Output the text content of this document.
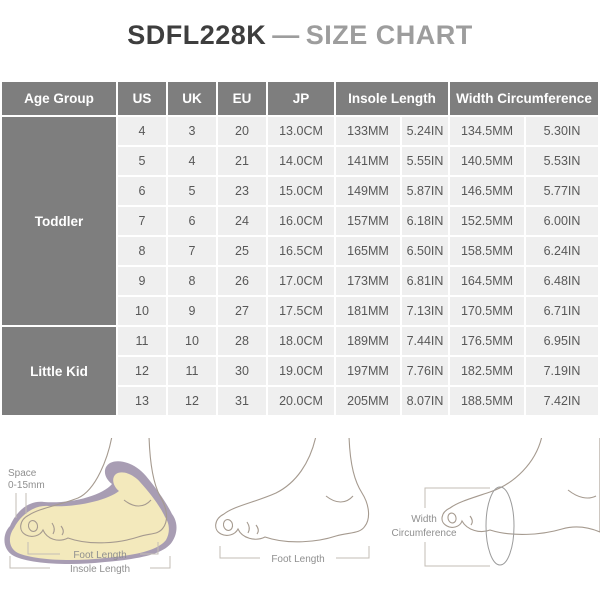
SDFL228K — SIZE CHART
Age Group	US	UK	EU	JP	Insole Length		Width Circumference	
Toddler	4	3	20	13.0CM	133MM	5.24IN	134.5MM	5.30IN
	5	4	21	14.0CM	141MM	5.55IN	140.5MM	5.53IN
	6	5	23	15.0CM	149MM	5.87IN	146.5MM	5.77IN
	7	6	24	16.0CM	157MM	6.18IN	152.5MM	6.00IN
	8	7	25	16.5CM	165MM	6.50IN	158.5MM	6.24IN
	9	8	26	17.0CM	173MM	6.81IN	164.5MM	6.48IN
	10	9	27	17.5CM	181MM	7.13IN	170.5MM	6.71IN
Little Kid	11	10	28	18.0CM	189MM	7.44IN	176.5MM	6.95IN
	12	11	30	19.0CM	197MM	7.76IN	182.5MM	7.19IN
	13	12	31	20.0CM	205MM	8.07IN	188.5MM	7.42IN
Space
0-15mm
Foot Length
Insole Length
Foot Length
Width
Circumference
